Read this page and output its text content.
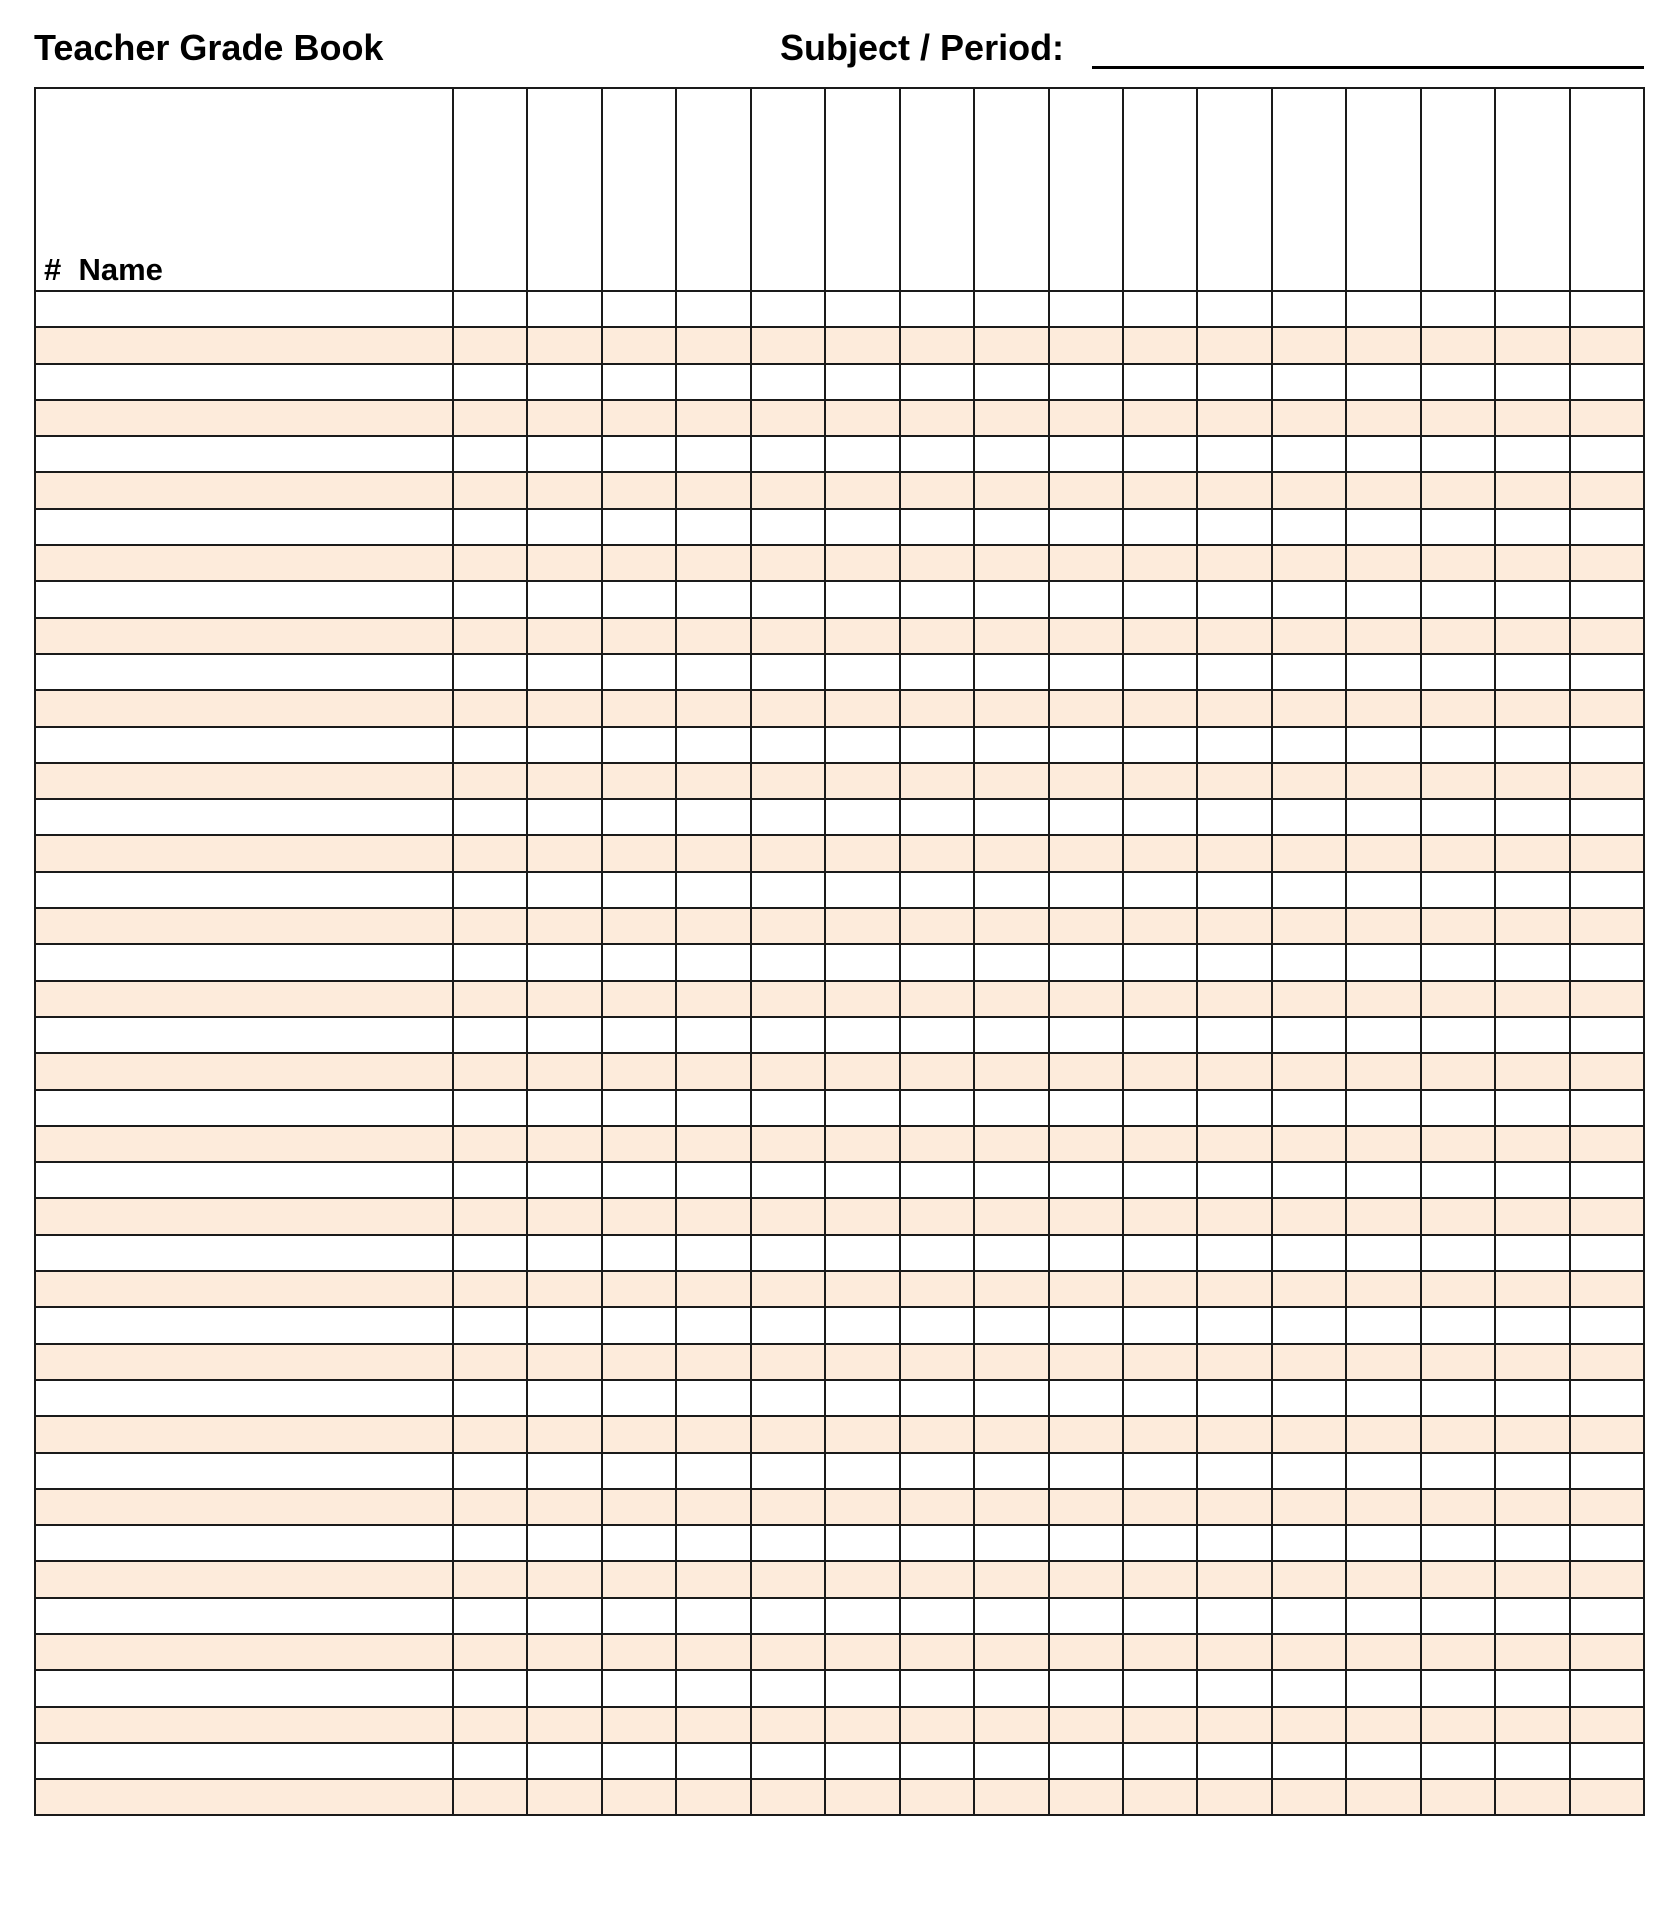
Teacher Grade Book	Subject / Period:
#  Name																
